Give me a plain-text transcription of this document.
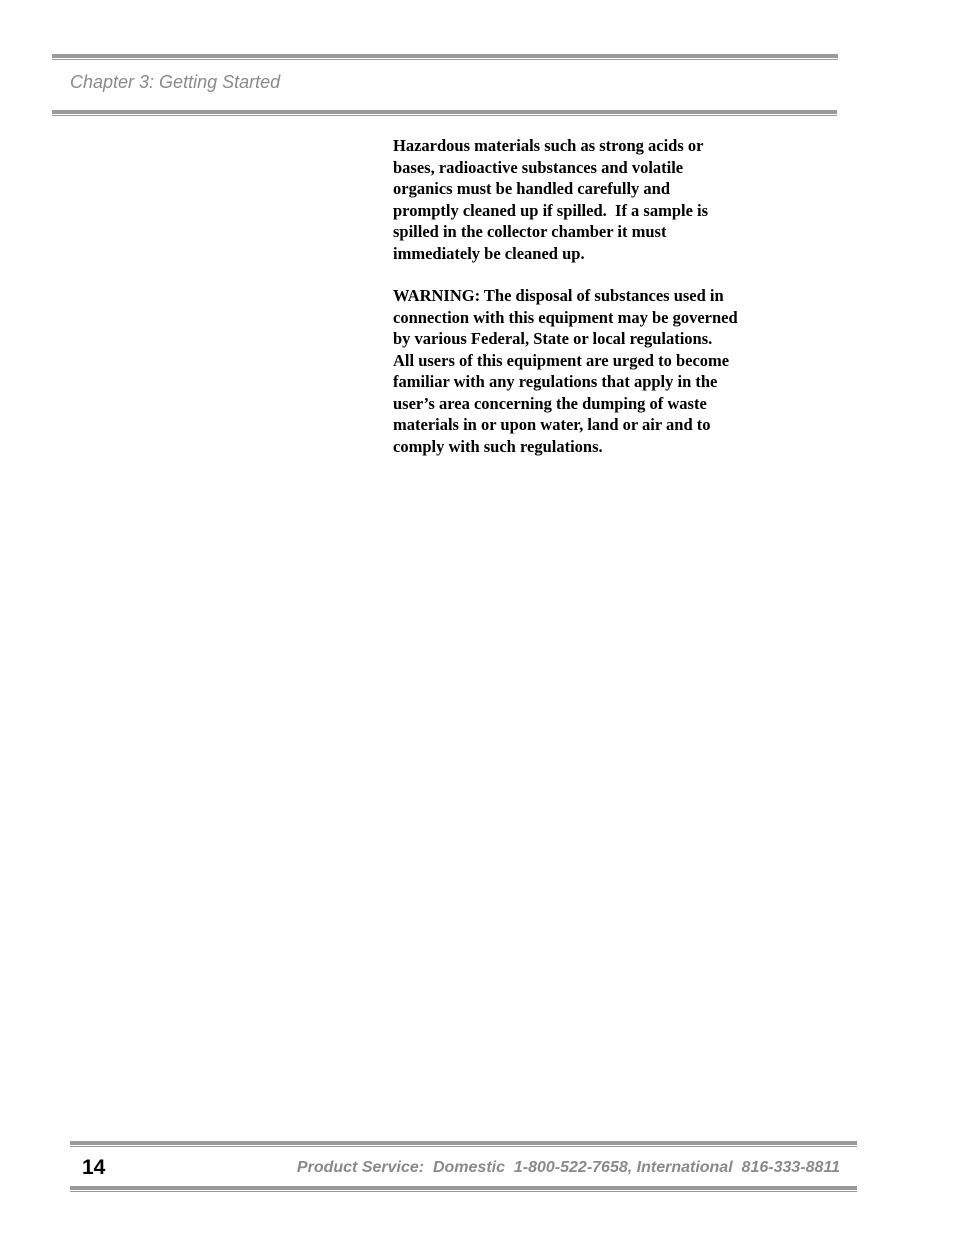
Chapter 3: Getting Started

Hazardous materials such as strong acids or
bases, radioactive substances and volatile
organics must be handled carefully and
promptly cleaned up if spilled.  If a sample is
spilled in the collector chamber it must
immediately be cleaned up.

WARNING: The disposal of substances used in
connection with this equipment may be governed
by various Federal, State or local regulations.
All users of this equipment are urged to become
familiar with any regulations that apply in the
user’s area concerning the dumping of waste
materials in or upon water, land or air and to
comply with such regulations.

14	Product Service:  Domestic  1-800-522-7658, International  816-333-8811
